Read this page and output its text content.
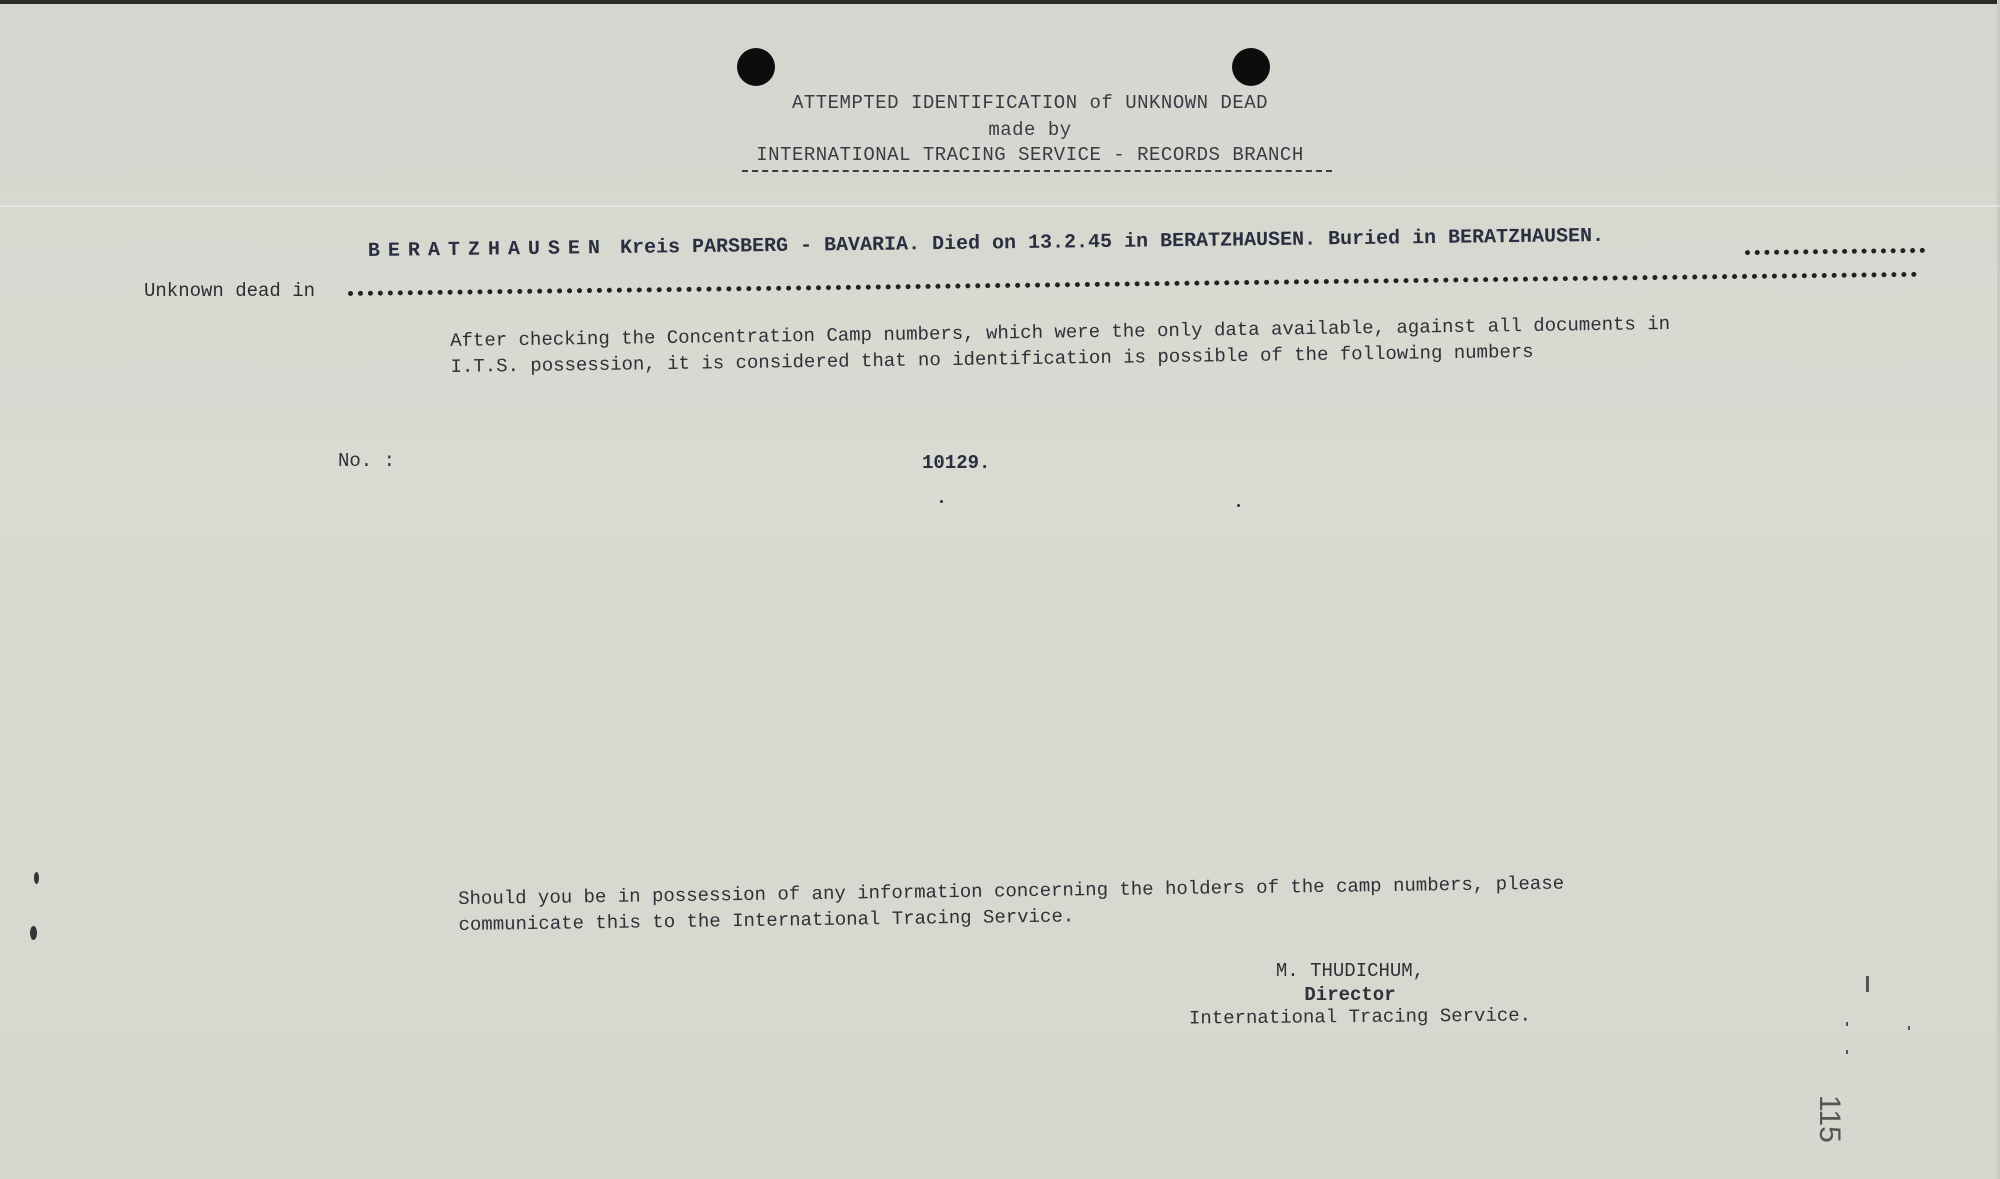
ATTEMPTED IDENTIFICATION of UNKNOWN DEAD
made by
INTERNATIONAL TRACING SERVICE - RECORDS BRANCH
BERATZHAUSEN Kreis PARSBERG - BAVARIA. Died on 13.2.45 in BERATZHAUSEN. Buried in BERATZHAUSEN.
Unknown dead in
After checking the Concentration Camp numbers, which were the only data available, against all documents in I.T.S. possession, it is considered that no identification is possible of the following numbers
No. :	10129.
Should you be in possession of any information concerning the holders of the camp numbers, please communicate this to the International Tracing Service.
M. THUDICHUM,
Director
International Tracing Service.
115
